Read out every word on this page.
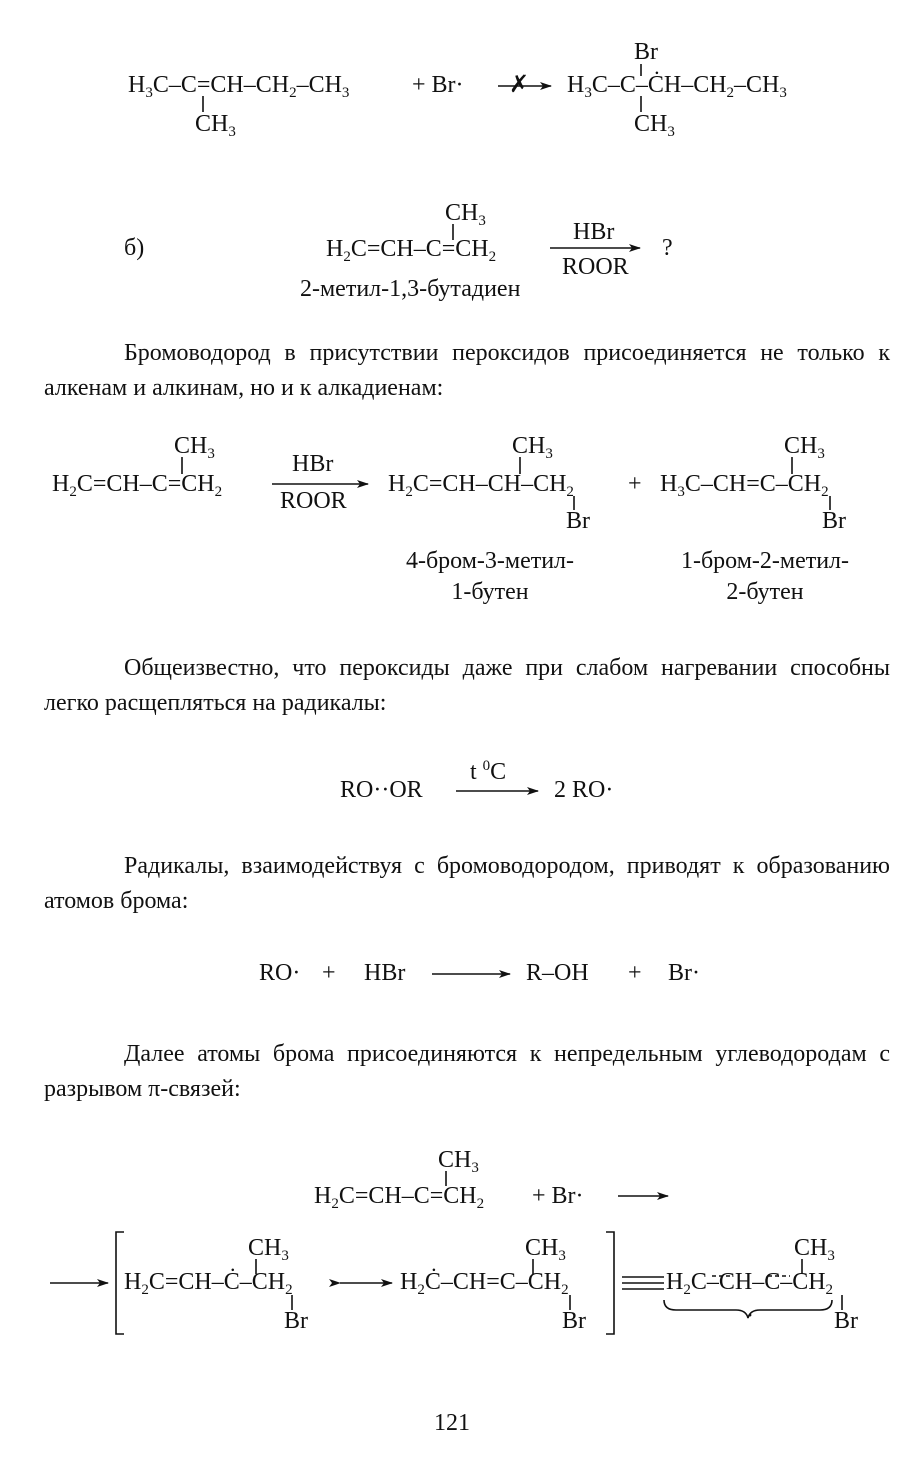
$H_3C-C=CH-CH_2-CH_3$
$CH_3$
+ Br· ✗
Br
$H_3C-C-ĊH-CH_2-CH_3$
$CH_3$
б)
$CH_3$
$H_2C=CH-C=CH_2$
HBr
ROOR
?
2-метил-1,3-бутадиен

Бромоводород в присутствии пероксидов присоединяется не только к алкенам и алкинам, но и к алкадиенам:

$CH_3$
$H_2C=CH-C=CH_2$
HBr
ROOR
$CH_3$
$H_2C=CH-CH-CH_2$
Br
+
$CH_3$
$H_3C-CH=C-CH_2$
Br
4-бром-3-метил-
1-бутен
1-бром-2-метил-
2-бутен

Общеизвестно, что пероксиды даже при слабом нагревании способны легко расщепляться на радикалы:

RO··OR
t $^0$C
2 RO·

Радикалы, взаимодействуя с бромоводородом, приводят к образованию атомов брома:

RO· + HBr	R–OH + Br·

Далее атомы брома присоединяются к непредельным углеводородам с разрывом π-связей:

$CH_3$
$H_2C=CH-C=CH_2 + Br\cdot$
$CH_3$
$H_2C=CH-Ċ-CH_2$
Br
$CH_3$
$H_2Ċ-CH=C-CH_2$
Br
$CH_3$
$H_2C-CH-C-CH_2$
Br
·
121
